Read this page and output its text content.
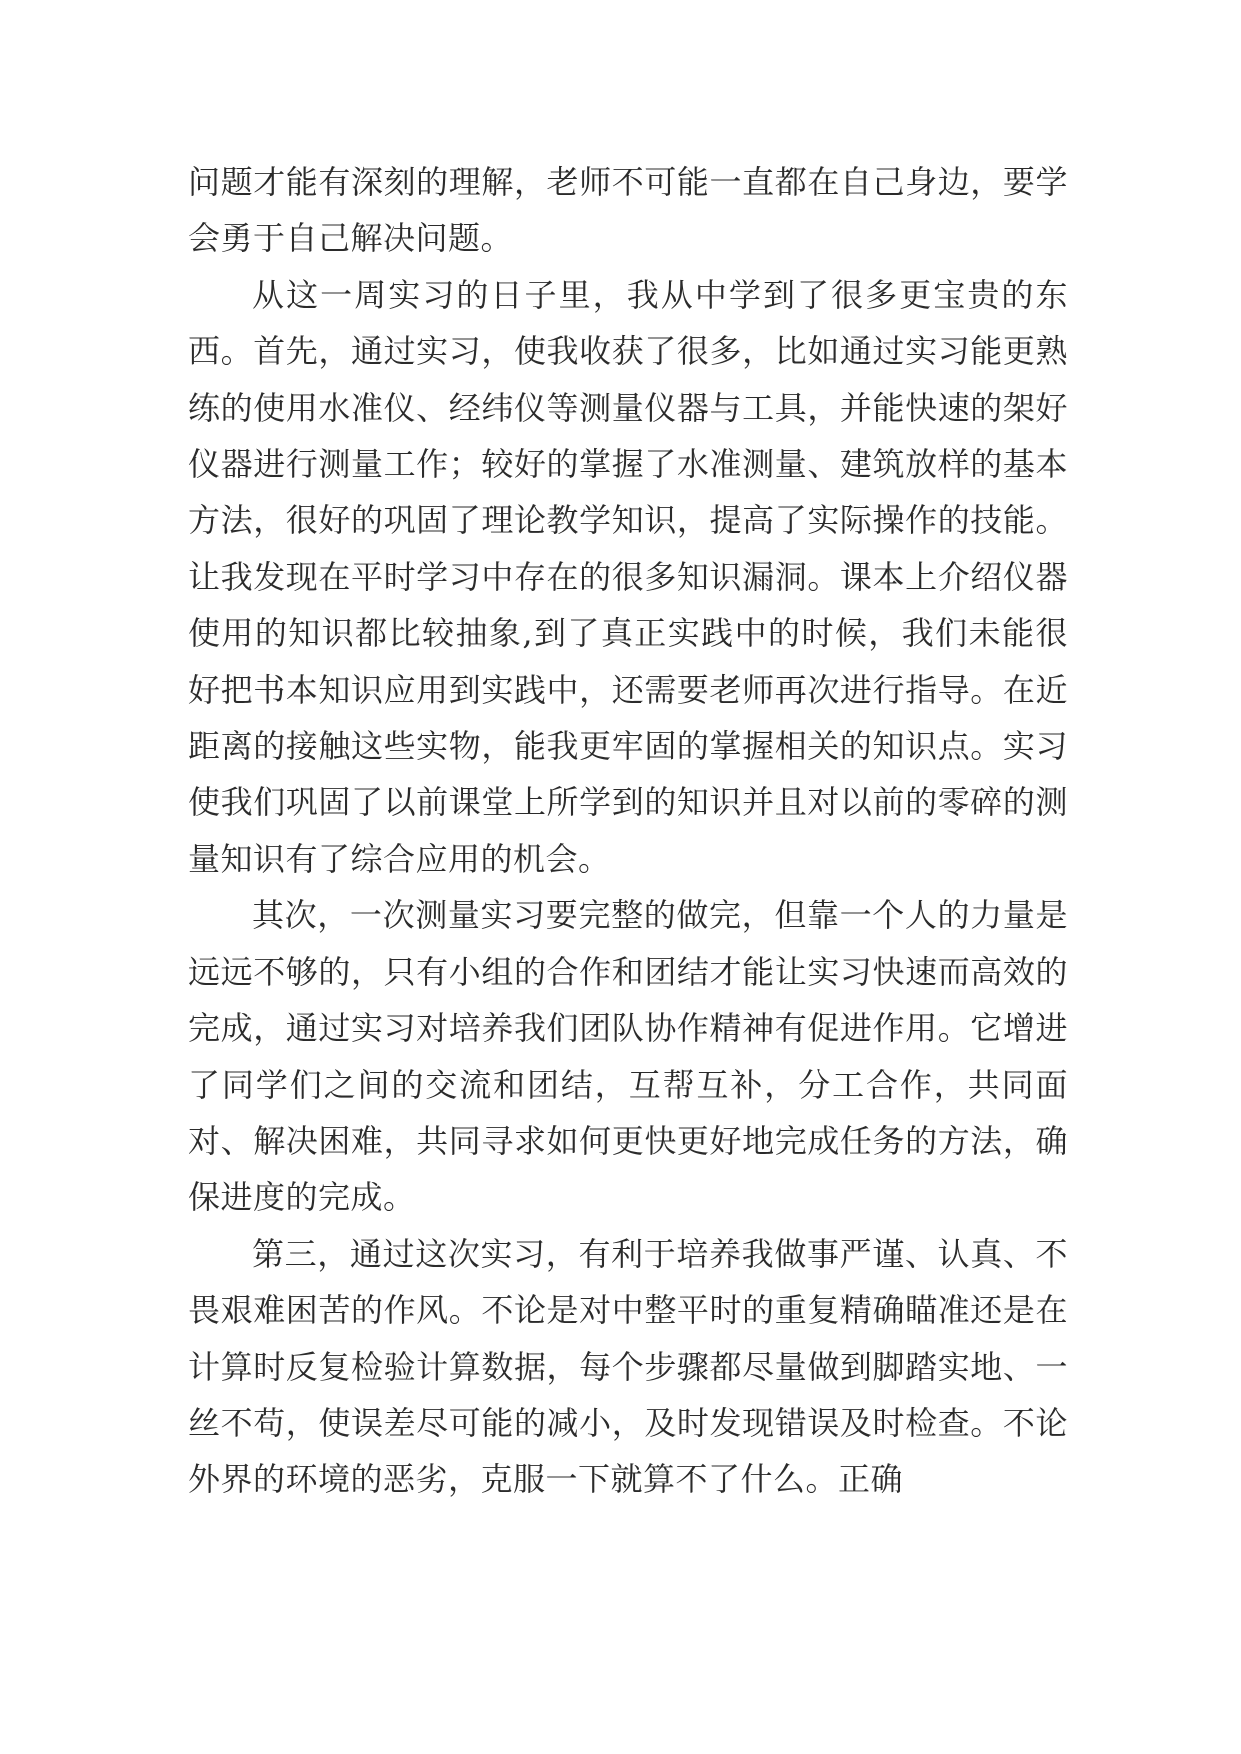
问题才能有深刻的理解，老师不可能一直都在自己身边，要学会勇于自己解决问题。

从这一周实习的日子里，我从中学到了很多更宝贵的东西。首先，通过实习，使我收获了很多，比如通过实习能更熟练的使用水准仪、经纬仪等测量仪器与工具，并能快速的架好仪器进行测量工作；较好的掌握了水准测量、建筑放样的基本方法，很好的巩固了理论教学知识，提高了实际操作的技能。让我发现在平时学习中存在的很多知识漏洞。课本上介绍仪器使用的知识都比较抽象,到了真正实践中的时候，我们未能很好把书本知识应用到实践中，还需要老师再次进行指导。在近距离的接触这些实物，能我更牢固的掌握相关的知识点。实习使我们巩固了以前课堂上所学到的知识并且对以前的零碎的测量知识有了综合应用的机会。

其次，一次测量实习要完整的做完，但靠一个人的力量是远远不够的，只有小组的合作和团结才能让实习快速而高效的完成，通过实习对培养我们团队协作精神有促进作用。它增进了同学们之间的交流和团结，互帮互补，分工合作，共同面对、解决困难，共同寻求如何更快更好地完成任务的方法，确保进度的完成。

第三，通过这次实习，有利于培养我做事严谨、认真、不畏艰难困苦的作风。不论是对中整平时的重复精确瞄准还是在计算时反复检验计算数据，每个步骤都尽量做到脚踏实地、一丝不苟，使误差尽可能的减小，及时发现错误及时检查。不论外界的环境的恶劣，克服一下就算不了什么。正确
